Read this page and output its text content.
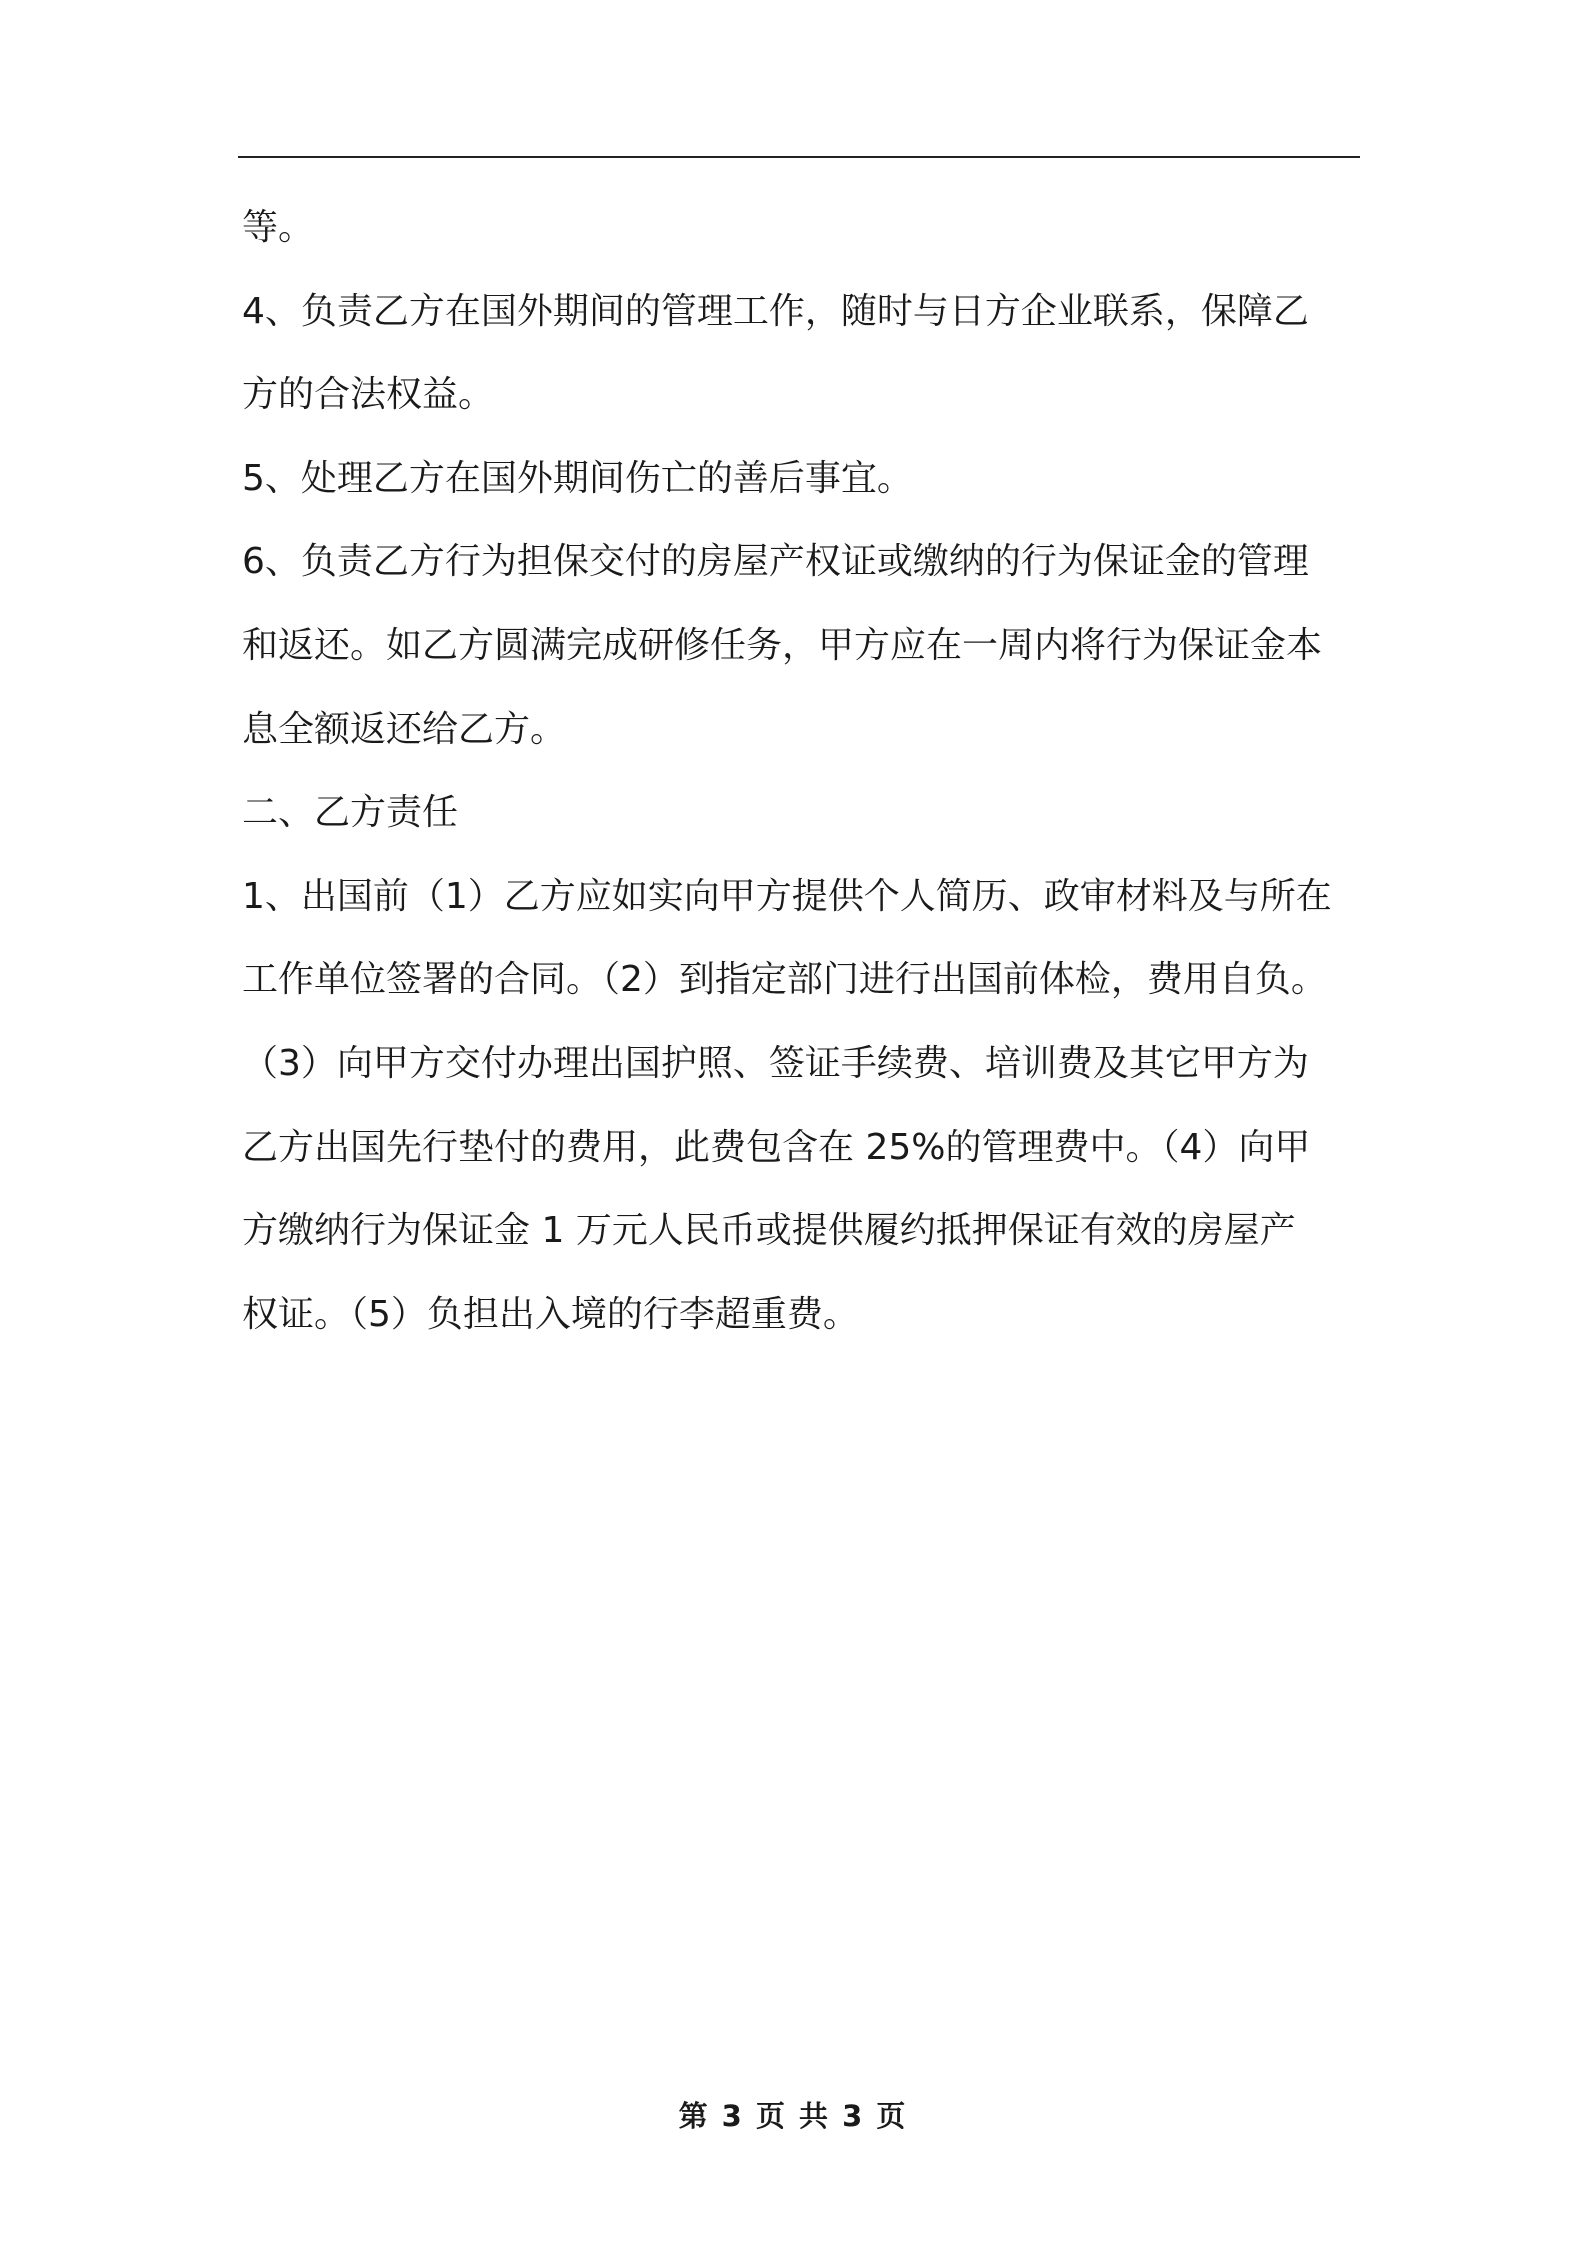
等。
4、负责乙方在国外期间的管理工作，随时与日方企业联系，保障乙
方的合法权益。
5、处理乙方在国外期间伤亡的善后事宜。
6、负责乙方行为担保交付的房屋产权证或缴纳的行为保证金的管理
和返还。如乙方圆满完成研修任务，甲方应在一周内将行为保证金本
息全额返还给乙方。
二、乙方责任
1、出国前（1）乙方应如实向甲方提供个人简历、政审材料及与所在
工作单位签署的合同。（2）到指定部门进行出国前体检，费用自负。
（3）向甲方交付办理出国护照、签证手续费、培训费及其它甲方为
乙方出国先行垫付的费用，此费包含在 25%的管理费中。（4）向甲
方缴纳行为保证金 1 万元人民币或提供履约抵押保证有效的房屋产
权证。（5）负担出入境的行李超重费。
第 3 页 共 3 页
